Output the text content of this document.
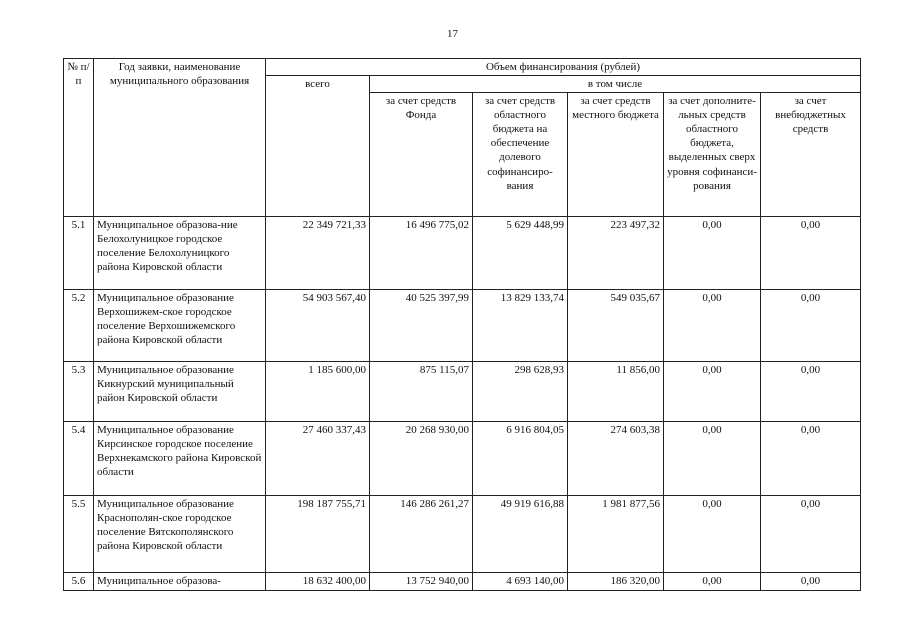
17
№ п/п	Год заявки, наименование муниципального образования	Объем финансирования (рублей)					
		всего	в том числе				
			за счет средств Фонда	за счет средств областного бюджета на обеспечение долевого софинансиро-вания	за счет средств местного бюджета	за счет дополните-льных средств областного бюджета, выделенных сверх уровня софинанси-рования	за счет внебюджетных средств
5.1	Муниципальное образова-ние Белохолуницкое городское поселение Белохолуницкого района Кировской области	22 349 721,33	16 496 775,02	5 629 448,99	223 497,32	0,00	0,00
5.2	Муниципальное образование Верхошижем-ское городское поселение Верхошижемского района Кировской области	54 903 567,40	40 525 397,99	13 829 133,74	549 035,67	0,00	0,00
5.3	Муниципальное образование Кикнурский муниципальный район Кировской области	1 185 600,00	875 115,07	298 628,93	11 856,00	0,00	0,00
5.4	Муниципальное образование Кирсинское городское поселение Верхнекамского района Кировской области	27 460 337,43	20 268 930,00	6 916 804,05	274 603,38	0,00	0,00
5.5	Муниципальное образование Краснополян-ское городское поселение Вятскополянского района Кировской области	198 187 755,71	146 286 261,27	49 919 616,88	1 981 877,56	0,00	0,00
5.6	Муниципальное образова-	18 632 400,00	13 752 940,00	4 693 140,00	186 320,00	0,00	0,00
